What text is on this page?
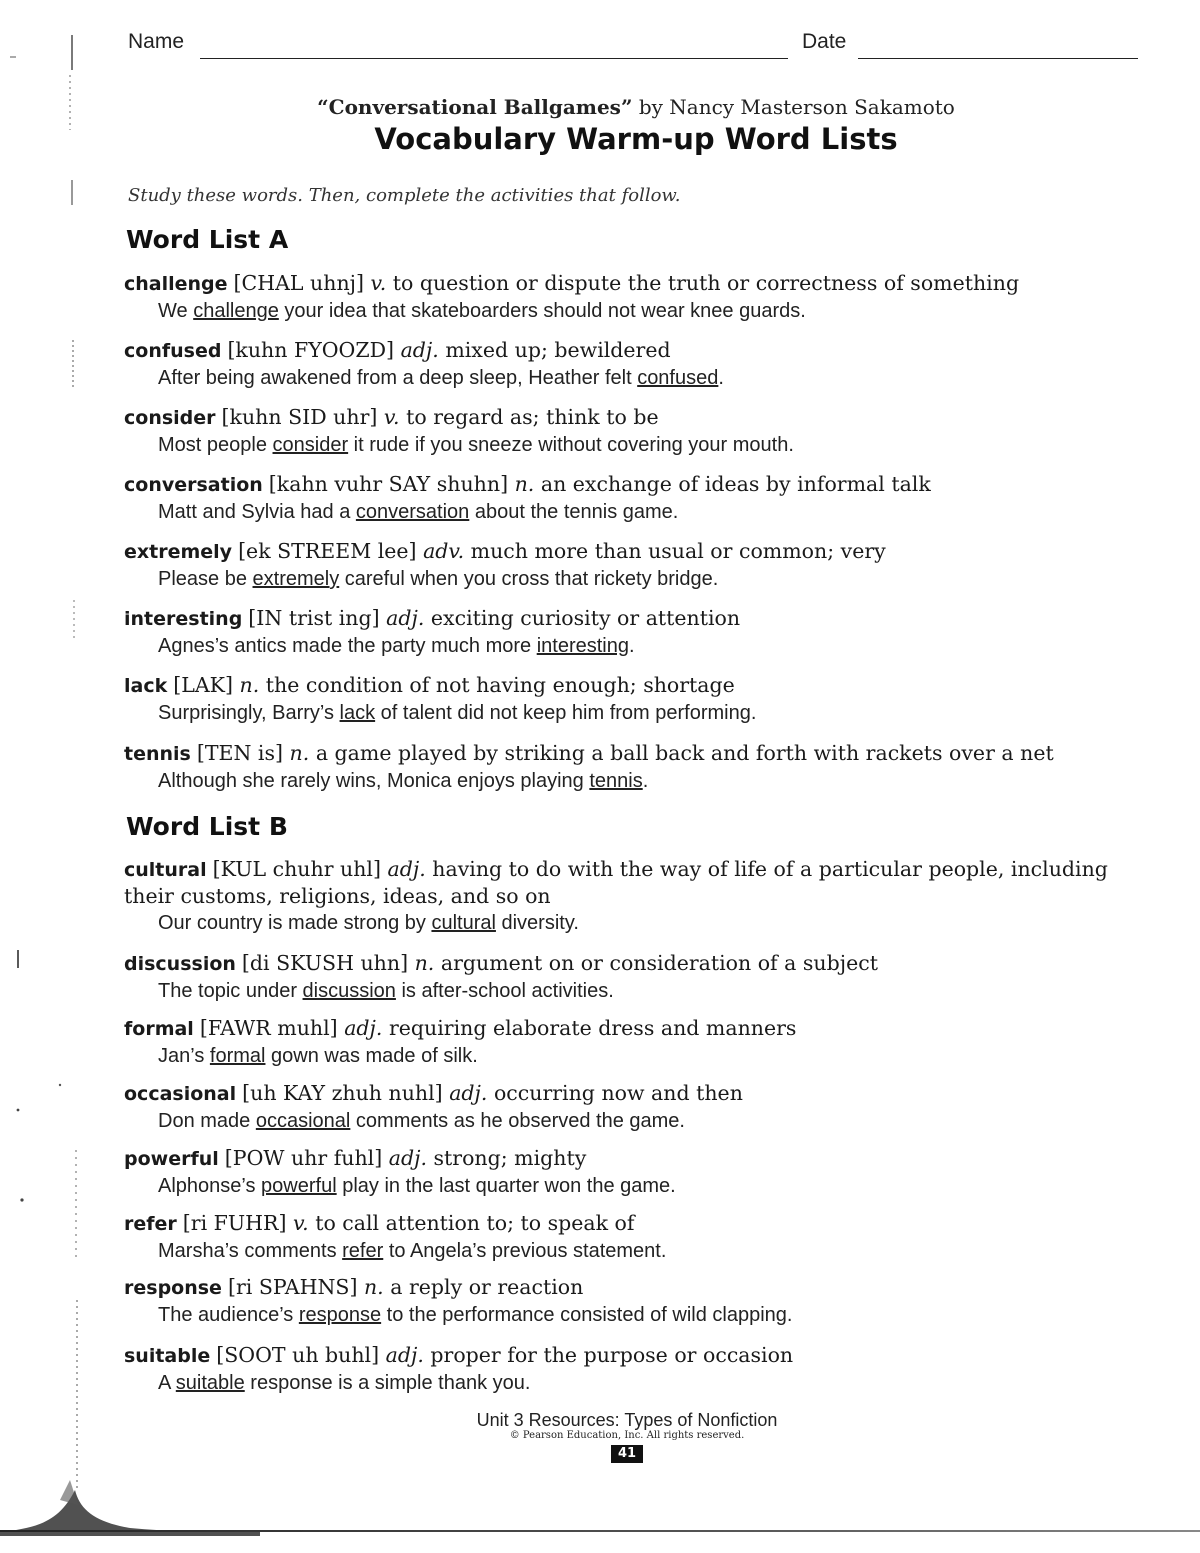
Name	Date
“Conversational Ballgames” by Nancy Masterson Sakamoto
Vocabulary Warm-up Word Lists
Study these words. Then, complete the activities that follow.
Word List A
challenge [CHAL uhnj] v. to question or dispute the truth or correctness of something
We challenge your idea that skateboarders should not wear knee guards.
confused [kuhn FYOOZD] adj. mixed up; bewildered
After being awakened from a deep sleep, Heather felt confused.
consider [kuhn SID uhr] v. to regard as; think to be
Most people consider it rude if you sneeze without covering your mouth.
conversation [kahn vuhr SAY shuhn] n. an exchange of ideas by informal talk
Matt and Sylvia had a conversation about the tennis game.
extremely [ek STREEM lee] adv. much more than usual or common; very
Please be extremely careful when you cross that rickety bridge.
interesting [IN trist ing] adj. exciting curiosity or attention
Agnes’s antics made the party much more interesting.
lack [LAK] n. the condition of not having enough; shortage
Surprisingly, Barry’s lack of talent did not keep him from performing.
tennis [TEN is] n. a game played by striking a ball back and forth with rackets over a net
Although she rarely wins, Monica enjoys playing tennis.
Word List B
cultural [KUL chuhr uhl] adj. having to do with the way of life of a particular people, including their customs, religions, ideas, and so on
Our country is made strong by cultural diversity.
discussion [di SKUSH uhn] n. argument on or consideration of a subject
The topic under discussion is after-school activities.
formal [FAWR muhl] adj. requiring elaborate dress and manners
Jan’s formal gown was made of silk.
occasional [uh KAY zhuh nuhl] adj. occurring now and then
Don made occasional comments as he observed the game.
powerful [POW uhr fuhl] adj. strong; mighty
Alphonse’s powerful play in the last quarter won the game.
refer [ri FUHR] v. to call attention to; to speak of
Marsha’s comments refer to Angela’s previous statement.
response [ri SPAHNS] n. a reply or reaction
The audience’s response to the performance consisted of wild clapping.
suitable [SOOT uh buhl] adj. proper for the purpose or occasion
A suitable response is a simple thank you.
Unit 3 Resources: Types of Nonfiction
© Pearson Education, Inc. All rights reserved.
41
